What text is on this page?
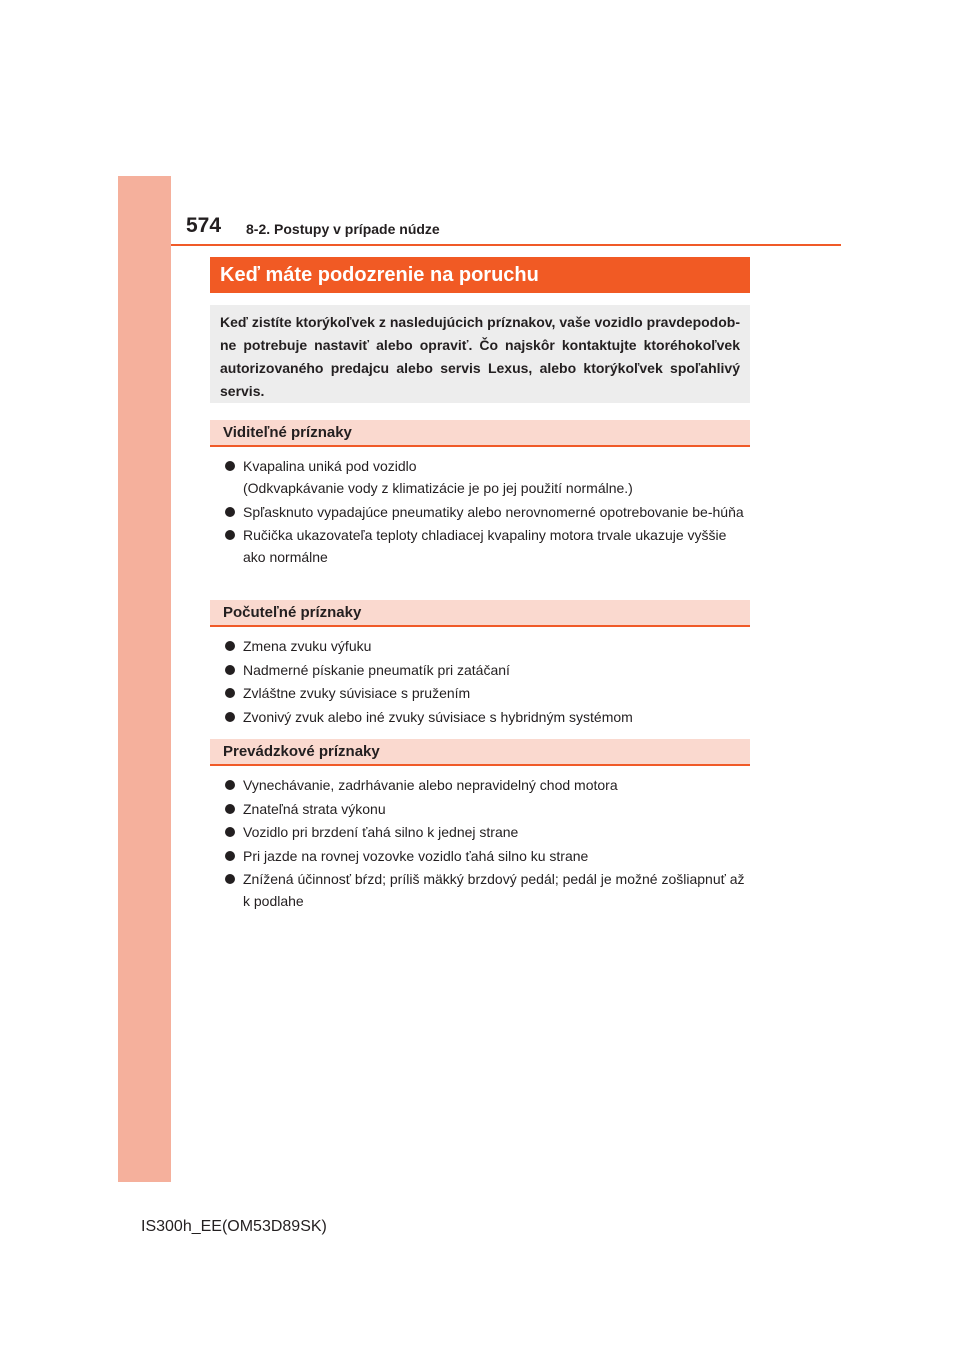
574 8-2. Postupy v prípade núdze
Keď máte podozrenie na poruchu
Keď zistíte ktorýkoľvek z nasledujúcich príznakov, vaše vozidlo pravdepodob-ne potrebuje nastaviť alebo opraviť. Čo najskôr kontaktujte ktoréhokoľvek autorizovaného predajcu alebo servis Lexus, alebo ktorýkoľvek spoľahlivý servis.
Viditeľné príznaky
Kvapalina uniká pod vozidlo
(Odkvapkávanie vody z klimatizácie je po jej použití normálne.)
Spľasknuto vypadajúce pneumatiky alebo nerovnomerné opotrebovanie be-húňa
Ručička ukazovateľa teploty chladiacej kvapaliny motora trvale ukazuje vyššie ako normálne
Počuteľné príznaky
Zmena zvuku výfuku
Nadmerné pískanie pneumatík pri zatáčaní
Zvláštne zvuky súvisiace s pružením
Zvonivý zvuk alebo iné zvuky súvisiace s hybridným systémom
Prevádzkové príznaky
Vynechávanie, zadrhávanie alebo nepravidelný chod motora
Znateľná strata výkonu
Vozidlo pri brzdení ťahá silno k jednej strane
Pri jazde na rovnej vozovke vozidlo ťahá silno ku strane
Znížená účinnosť bŕzd; príliš mäkký brzdový pedál; pedál je možné zošliapnuť až k podlahe
IS300h_EE(OM53D89SK)
